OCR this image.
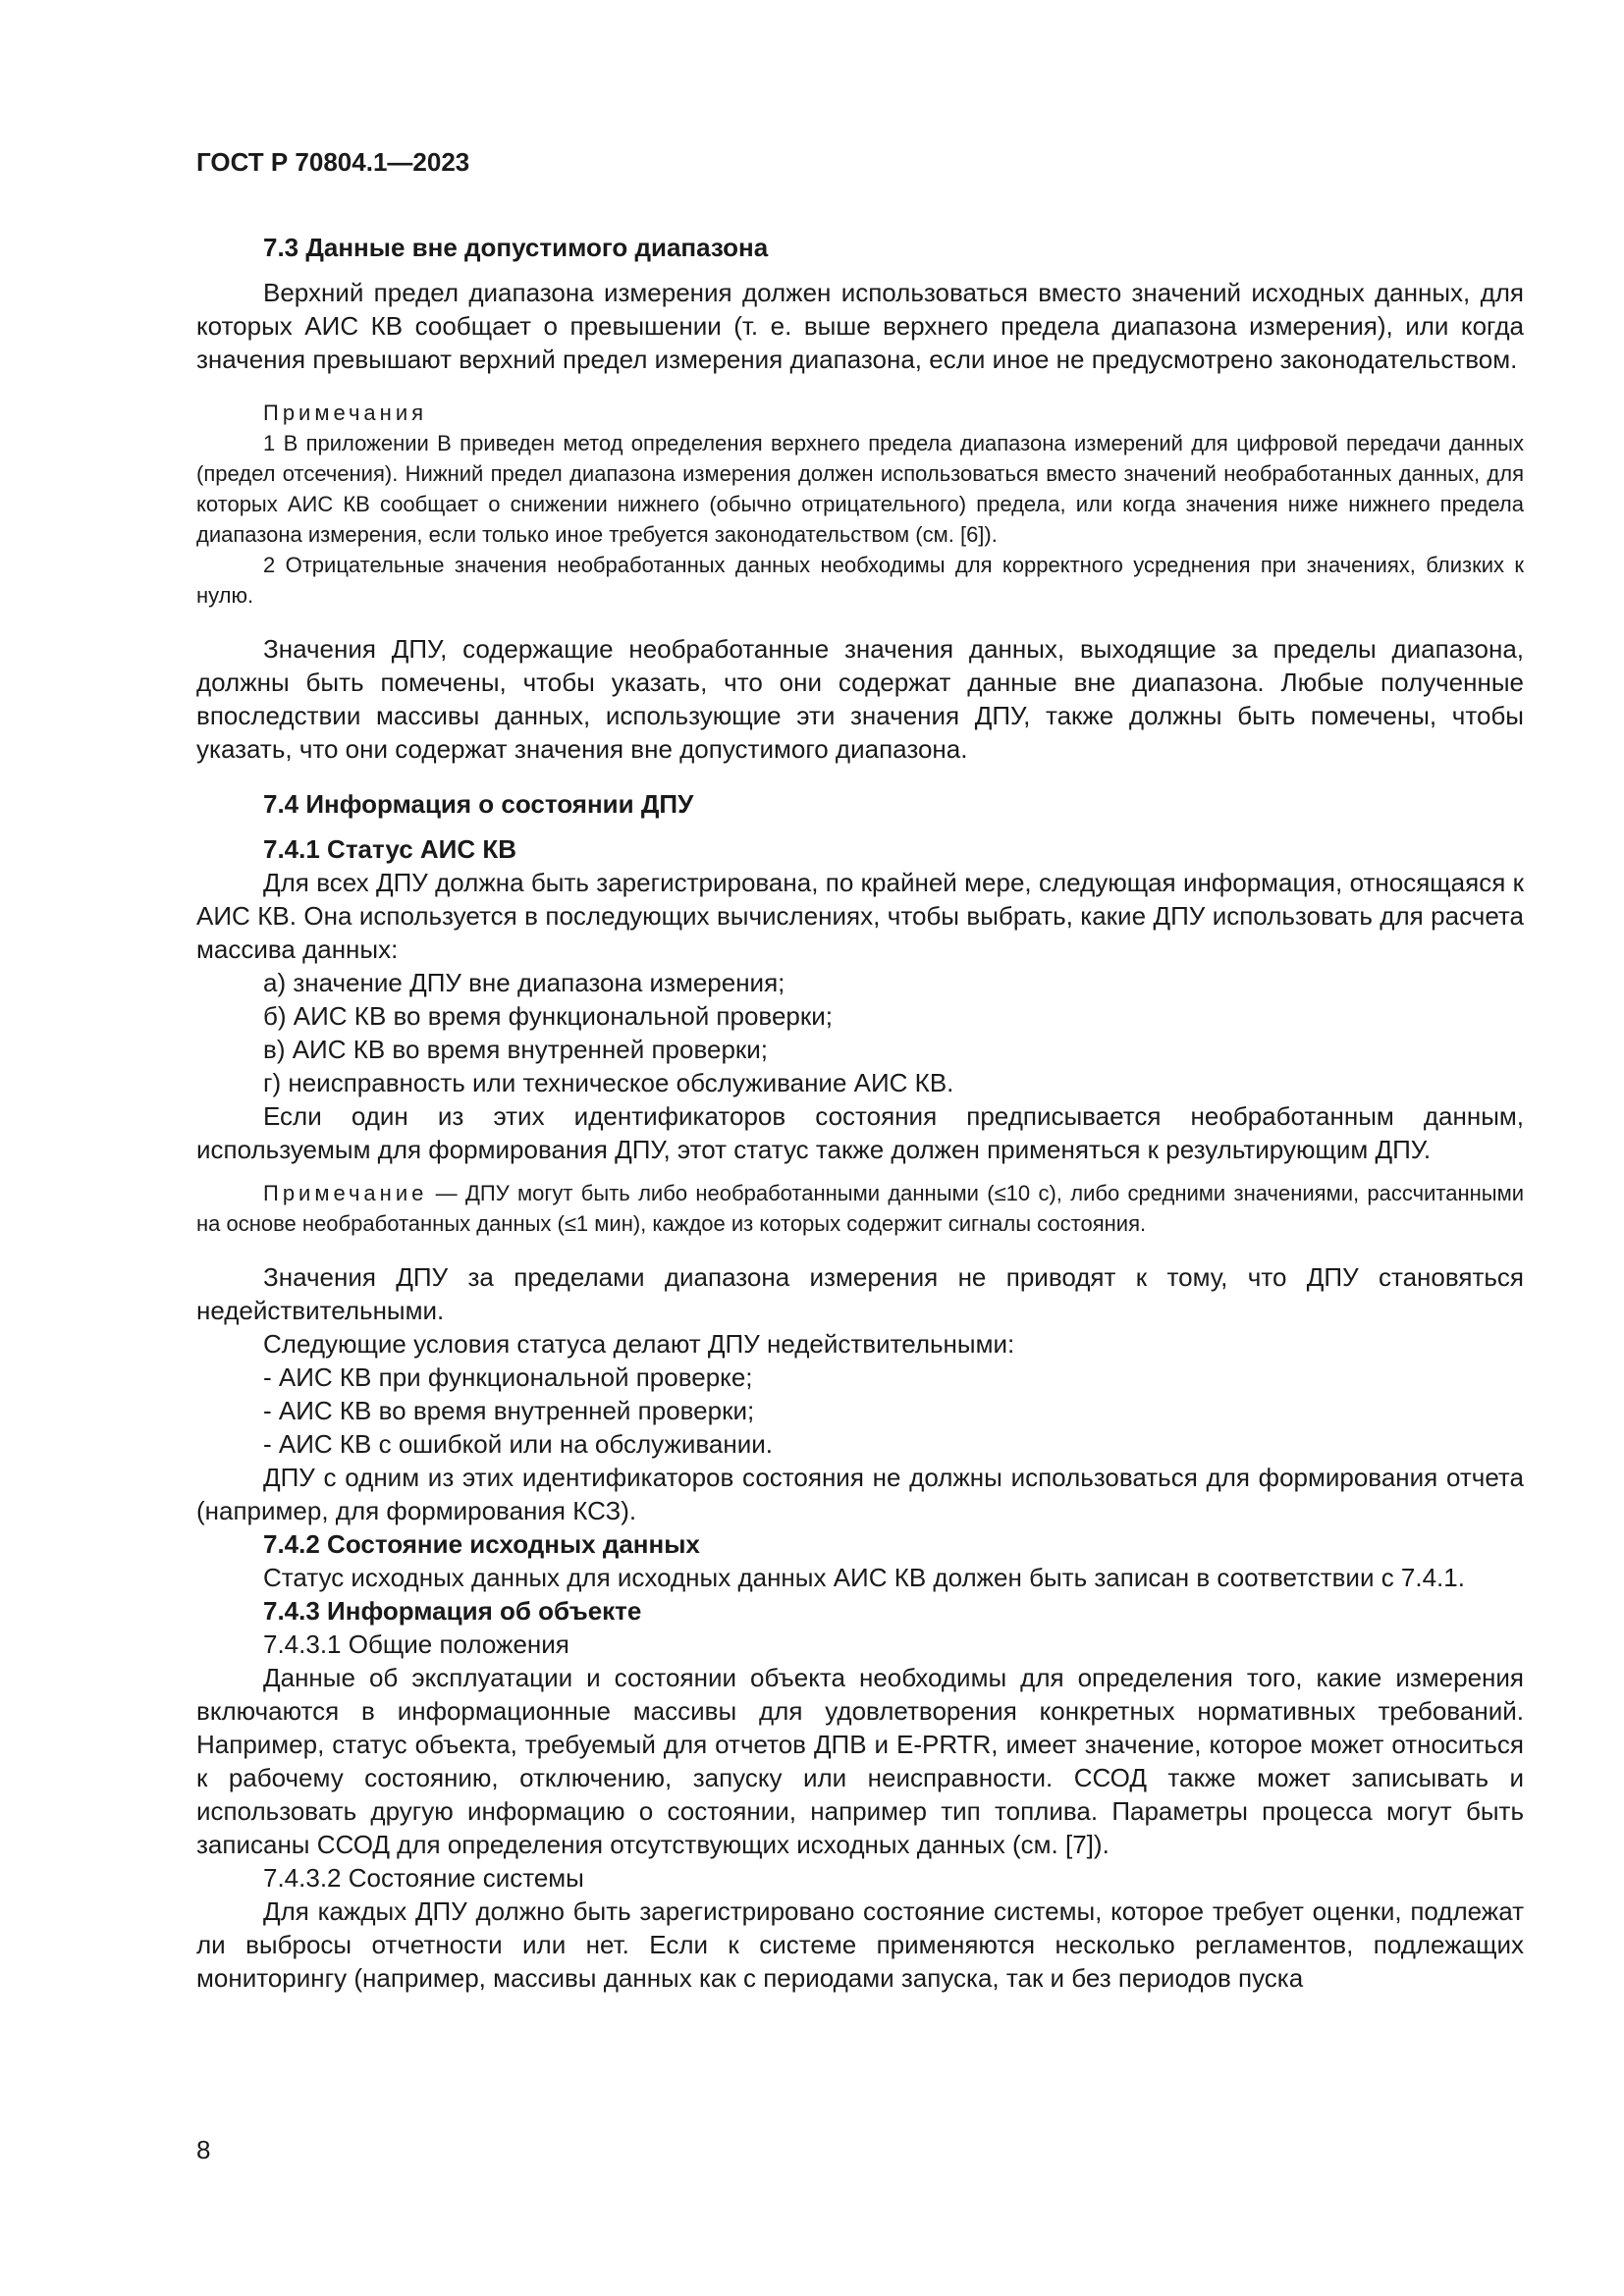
ГОСТ Р 70804.1—2023
7.3 Данные вне допустимого диапазона

Верхний предел диапазона измерения должен использоваться вместо значений исходных данных, для которых АИС КВ сообщает о превышении (т. е. выше верхнего предела диапазона измерения), или когда значения превышают верхний предел измерения диапазона, если иное не предусмотрено законодательством.

Примечания

1 В приложении В приведен метод определения верхнего предела диапазона измерений для цифровой передачи данных (предел отсечения). Нижний предел диапазона измерения должен использоваться вместо значений необработанных данных, для которых АИС КВ сообщает о снижении нижнего (обычно отрицательного) предела, или когда значения ниже нижнего предела диапазона измерения, если только иное требуется законодательством (см. [6]).

2 Отрицательные значения необработанных данных необходимы для корректного усреднения при значениях, близких к нулю.

Значения ДПУ, содержащие необработанные значения данных, выходящие за пределы диапазона, должны быть помечены, чтобы указать, что они содержат данные вне диапазона. Любые полученные впоследствии массивы данных, использующие эти значения ДПУ, также должны быть помечены, чтобы указать, что они содержат значения вне допустимого диапазона.

7.4 Информация о состоянии ДПУ
7.4.1 Статус АИС КВ

Для всех ДПУ должна быть зарегистрирована, по крайней мере, следующая информация, относящаяся к АИС КВ. Она используется в последующих вычислениях, чтобы выбрать, какие ДПУ использовать для расчета массива данных:

а) значение ДПУ вне диапазона измерения;

б) АИС КВ во время функциональной проверки;

в) АИС КВ во время внутренней проверки;

г) неисправность или техническое обслуживание АИС КВ.

Если один из этих идентификаторов состояния предписывается необработанным данным, используемым для формирования ДПУ, этот статус также должен применяться к результирующим ДПУ.

Примечание — ДПУ могут быть либо необработанными данными (≤10 с), либо средними значениями, рассчитанными на основе необработанных данных (≤1 мин), каждое из которых содержит сигналы состояния.

Значения ДПУ за пределами диапазона измерения не приводят к тому, что ДПУ становяться недействительными.

Следующие условия статуса делают ДПУ недействительными:

- АИС КВ при функциональной проверке;

- АИС КВ во время внутренней проверки;

- АИС КВ с ошибкой или на обслуживании.

ДПУ с одним из этих идентификаторов состояния не должны использоваться для формирования отчета (например, для формирования КСЗ).

7.4.2 Состояние исходных данных

Статус исходных данных для исходных данных АИС КВ должен быть записан в соответствии с 7.4.1.

7.4.3 Информация об объекте

7.4.3.1 Общие положения

Данные об эксплуатации и состоянии объекта необходимы для определения того, какие измерения включаются в информационные массивы для удовлетворения конкретных нормативных требований. Например, статус объекта, требуемый для отчетов ДПВ и E-PRTR, имеет значение, которое может относиться к рабочему состоянию, отключению, запуску или неисправности. ССОД также может записывать и использовать другую информацию о состоянии, например тип топлива. Параметры процесса могут быть записаны ССОД для определения отсутствующих исходных данных (см. [7]).

7.4.3.2 Состояние системы

Для каждых ДПУ должно быть зарегистрировано состояние системы, которое требует оценки, подлежат ли выбросы отчетности или нет. Если к системе применяются несколько регламентов, подлежащих мониторингу (например, массивы данных как с периодами запуска, так и без периодов пуска

8
